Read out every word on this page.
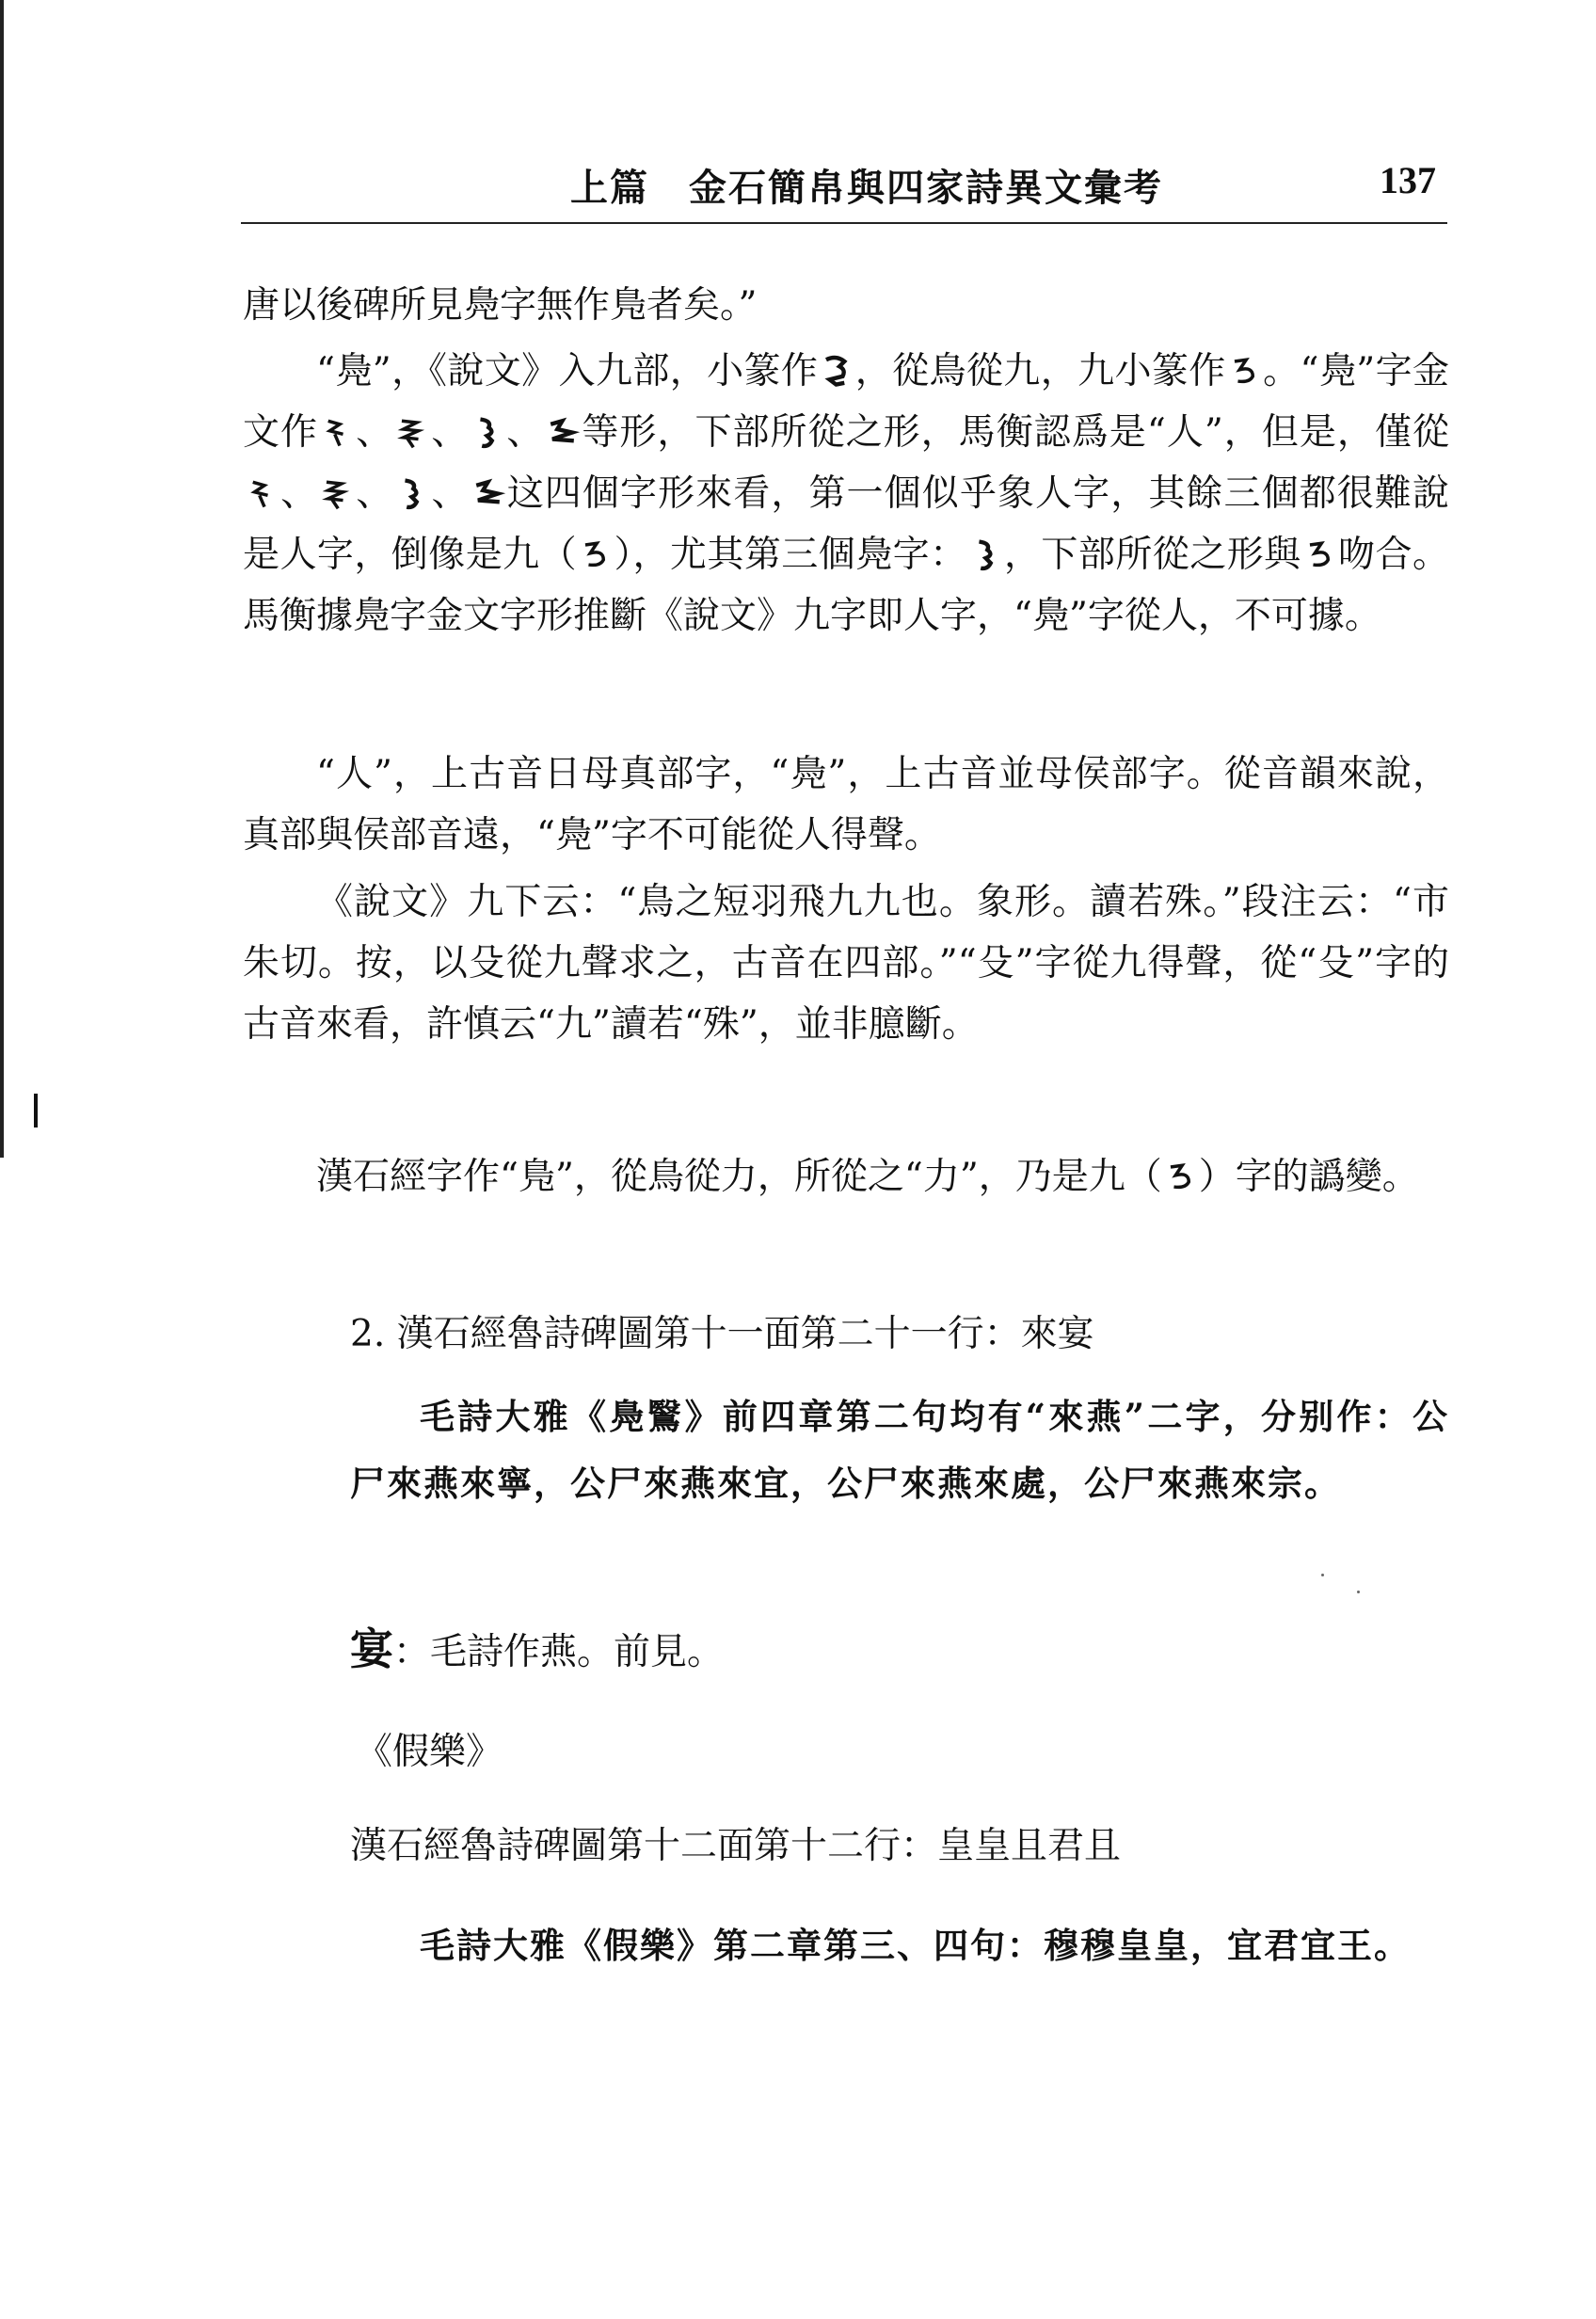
上篇 金石簡帛與四家詩異文彙考	137

唐以後碑所見鳧字無作鳬者矣。”

“鳧”，《說文》入九部，小篆作 ，從鳥從九，九小篆作 。“鳧”字金文作 、 、 、 等形，下部所從之形，馬衡認爲是“人”，但是，僅從
、 、 、 这四個字形來看，第一個似乎象人字，其餘三個都很難說是人字，倒像是九（ ），尤其第三個鳧字： ，下部所從之形與 吻合。馬衡據鳧字金文字形推斷《說文》九字即人字，“鳧”字從人，不可據。

“人”，上古音日母真部字，“鳧”，上古音並母侯部字。從音韻來說，真部與侯部音遠，“鳧”字不可能從人得聲。

《說文》九下云：“鳥之短羽飛九九也。象形。讀若殊。”段注云：“市朱切。按，以殳從九聲求之，古音在四部。”“殳”字從九得聲，從“殳”字的古音來看，許慎云“九”讀若“殊”，並非臆斷。

漢石經字作“鳬”，從鳥從力，所從之“力”，乃是九（ ）字的譌變。

2. 漢石經魯詩碑圖第十一面第二十一行：來宴

毛詩大雅《鳧鷖》前四章第二句均有“來燕”二字，分别作：公尸來燕來寧，公尸來燕來宜，公尸來燕來處，公尸來燕來宗。

宴：毛詩作燕。前見。

《假樂》

漢石經魯詩碑圖第十二面第十二行：皇皇且君且

毛詩大雅《假樂》第二章第三、四句：穆穆皇皇，宜君宜王。
